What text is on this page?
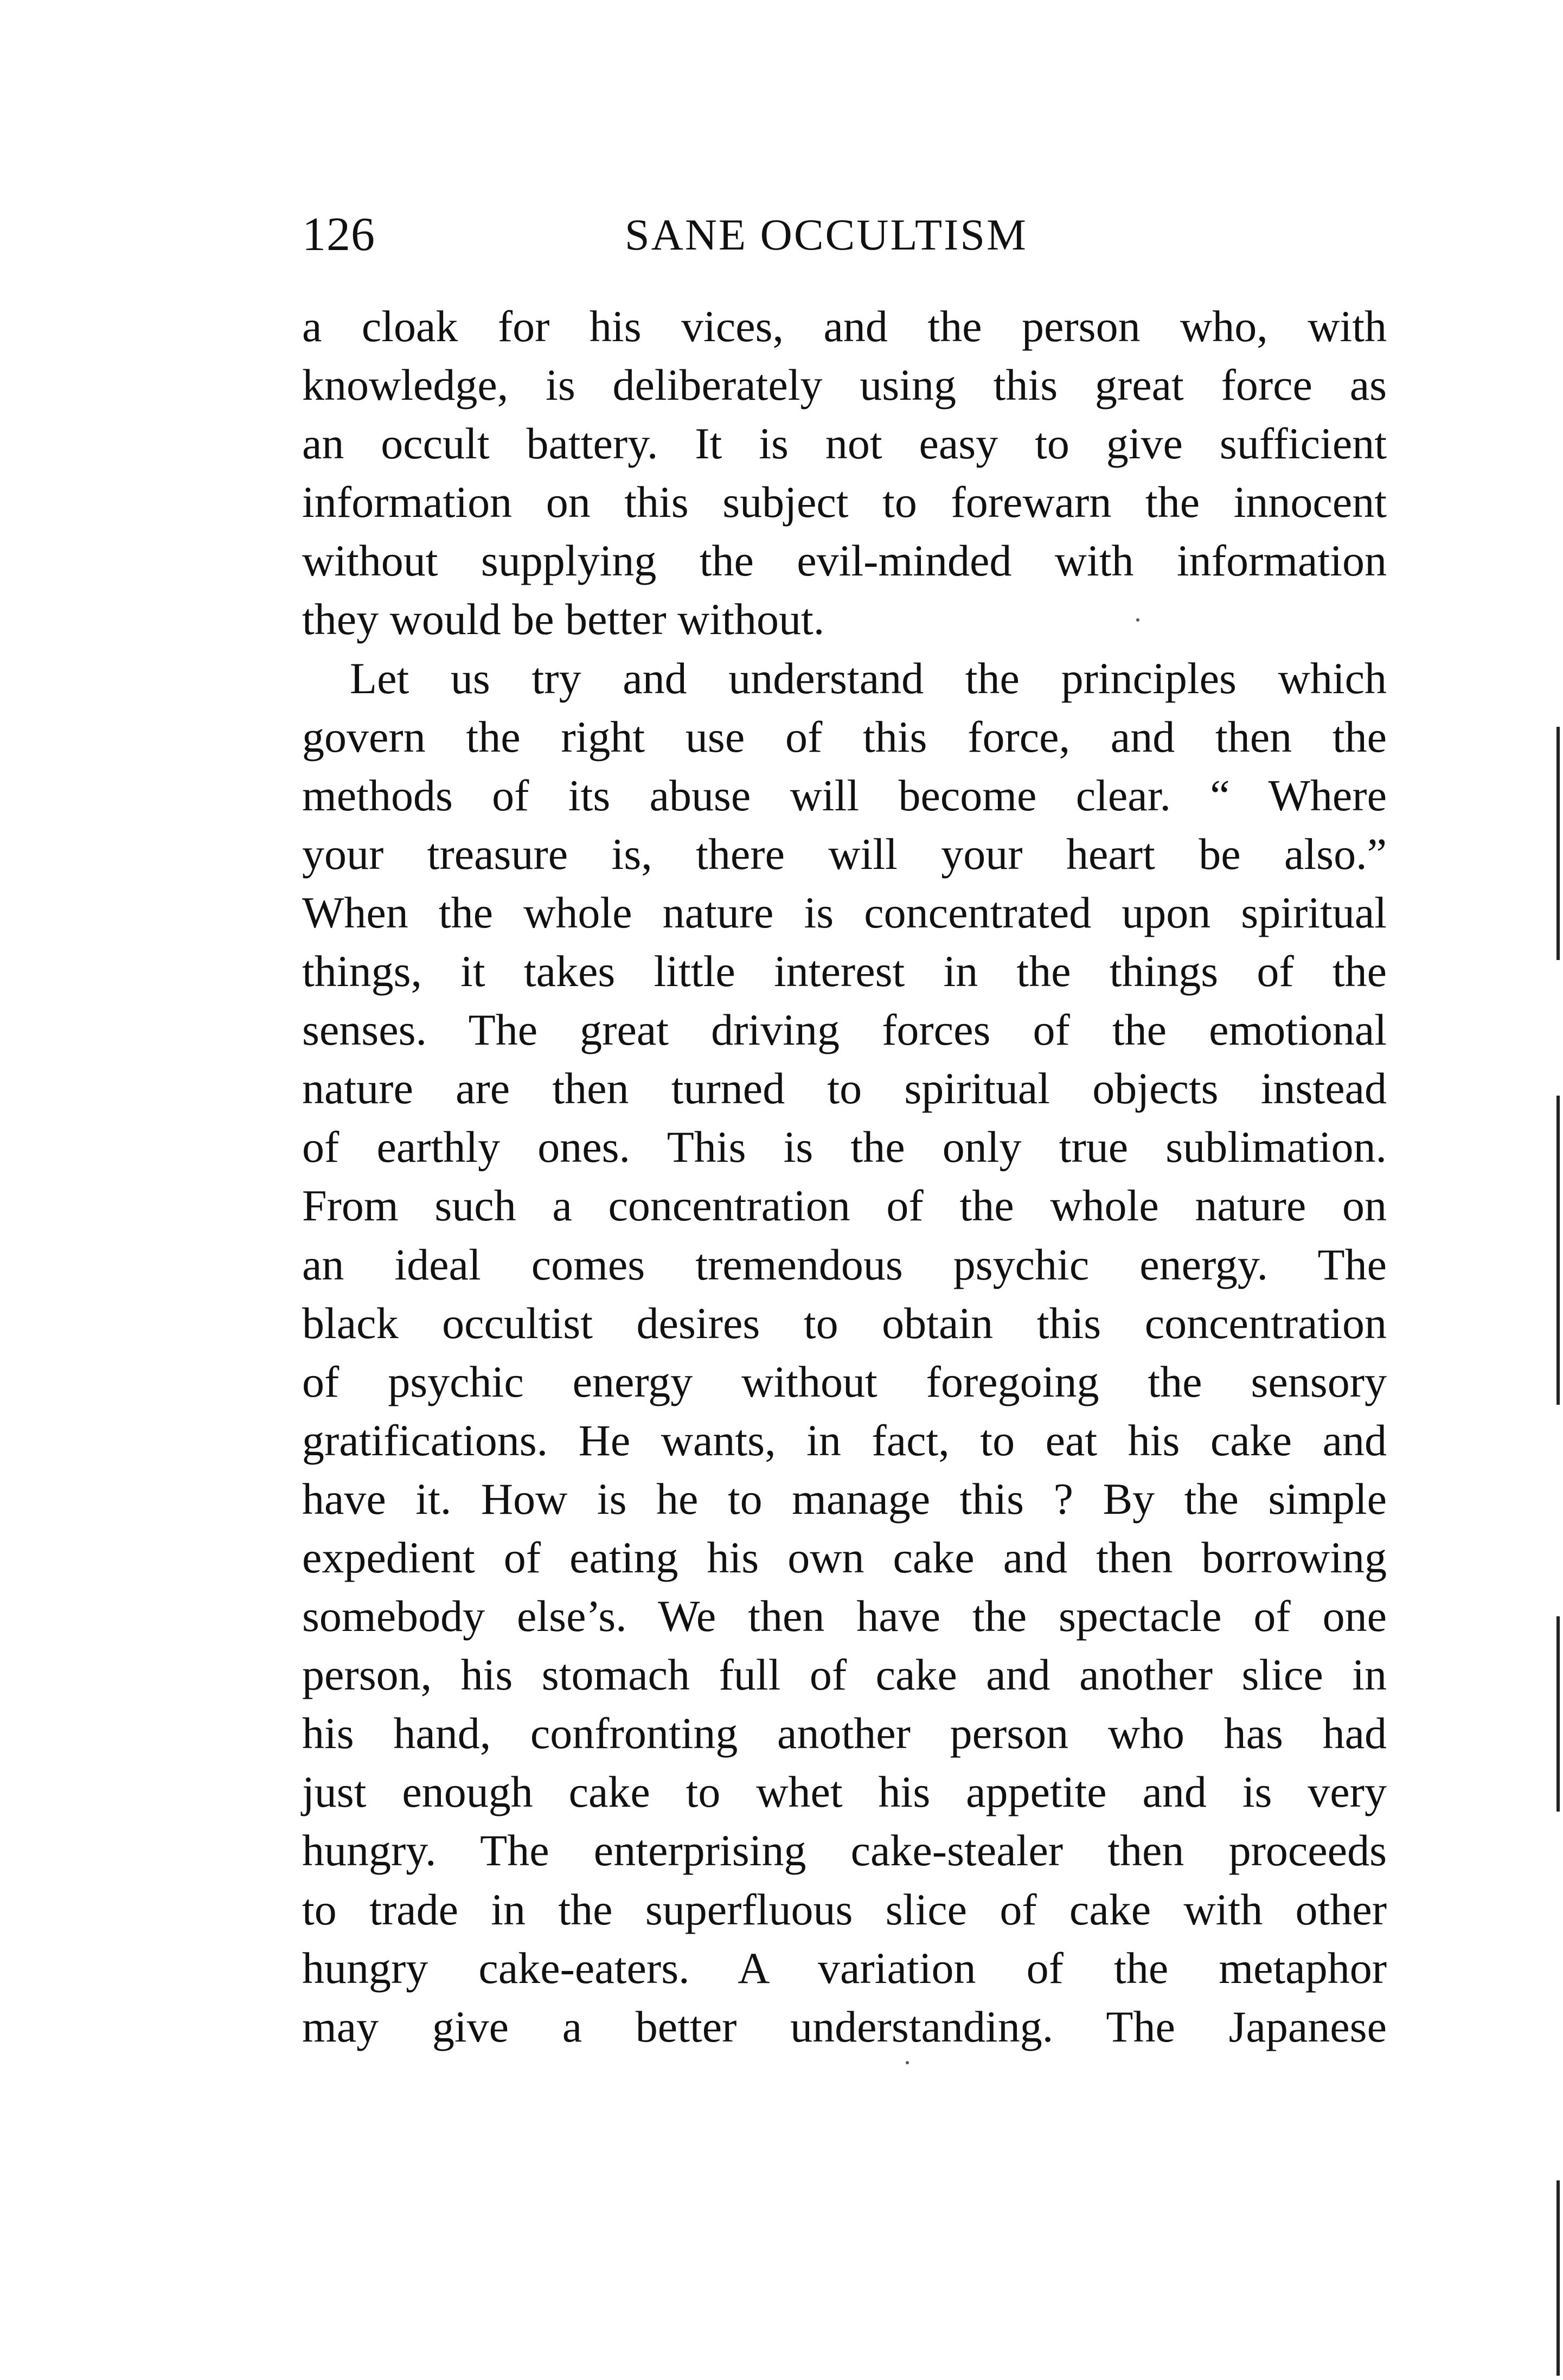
126	SANE OCCULTISM
a cloak for his vices, and the person who, with
knowledge, is deliberately using this great force as
an occult battery. It is not easy to give sufficient
information on this subject to forewarn the innocent
without supplying the evil-minded with information
they would be better without.
Let us try and understand the principles which
govern the right use of this force, and then the
methods of its abuse will become clear. “ Where
your treasure is, there will your heart be also.”
When the whole nature is concentrated upon spiritual
things, it takes little interest in the things of the
senses. The great driving forces of the emotional
nature are then turned to spiritual objects instead
of earthly ones. This is the only true sublimation.
From such a concentration of the whole nature on
an ideal comes tremendous psychic energy. The
black occultist desires to obtain this concentration
of psychic energy without foregoing the sensory
gratifications. He wants, in fact, to eat his cake and
have it. How is he to manage this ? By the simple
expedient of eating his own cake and then borrowing
somebody else’s. We then have the spectacle of one
person, his stomach full of cake and another slice in
his hand, confronting another person who has had
just enough cake to whet his appetite and is very
hungry. The enterprising cake-stealer then proceeds
to trade in the superfluous slice of cake with other
hungry cake-eaters. A variation of the metaphor
may give a better understanding. The Japanese
